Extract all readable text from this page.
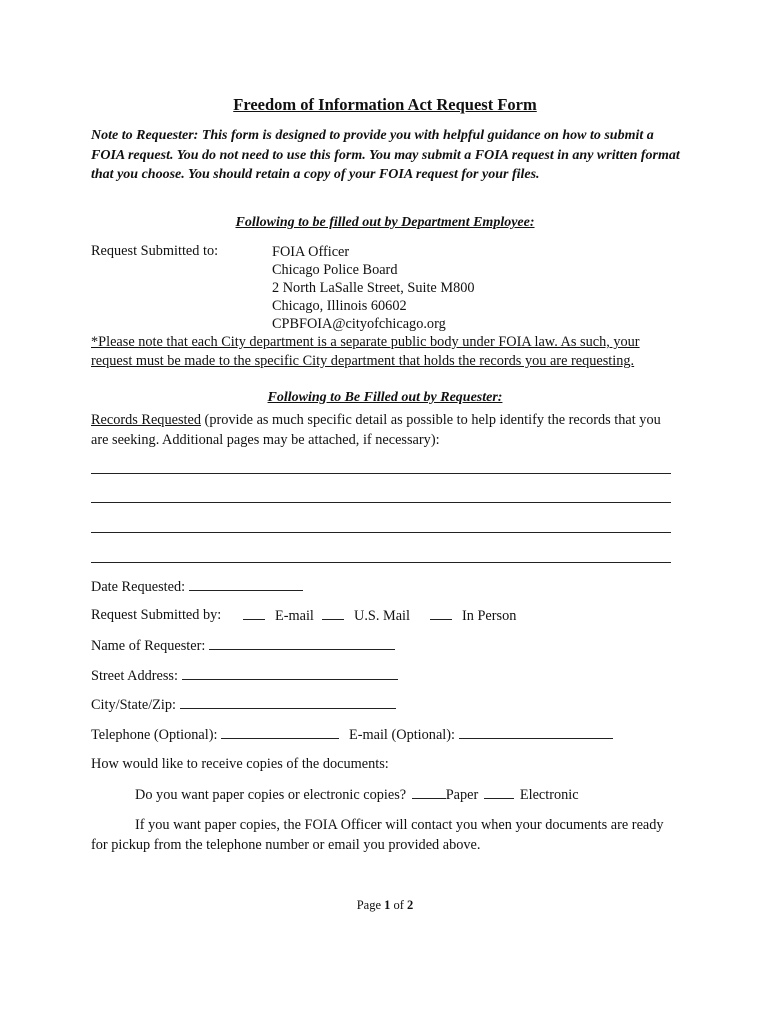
Freedom of Information Act Request Form
Note to Requester: This form is designed to provide you with helpful guidance on how to submit a FOIA request. You do not need to use this form. You may submit a FOIA request in any written format that you choose. You should retain a copy of your FOIA request for your files.
Following to be filled out by Department Employee:
Request Submitted to:	FOIA Officer
Chicago Police Board
2 North LaSalle Street, Suite M800
Chicago, Illinois 60602
CPBFOIA@cityofchicago.org
*Please note that each City department is a separate public body under FOIA law. As such, your request must be made to the specific City department that holds the records you are requesting.
Following to Be Filled out by Requester:
Records Requested (provide as much specific detail as possible to help identify the records that you are seeking. Additional pages may be attached, if necessary):
Date Requested:
Request Submitted by:	E-mail	U.S. Mail	In Person
Name of Requester:
Street Address:
City/State/Zip:
Telephone (Optional):	E-mail (Optional):
How would like to receive copies of the documents:
Do you want paper copies or electronic copies?	Paper	Electronic
If you want paper copies, the FOIA Officer will contact you when your documents are ready for pickup from the telephone number or email you provided above.
Page 1 of 2
